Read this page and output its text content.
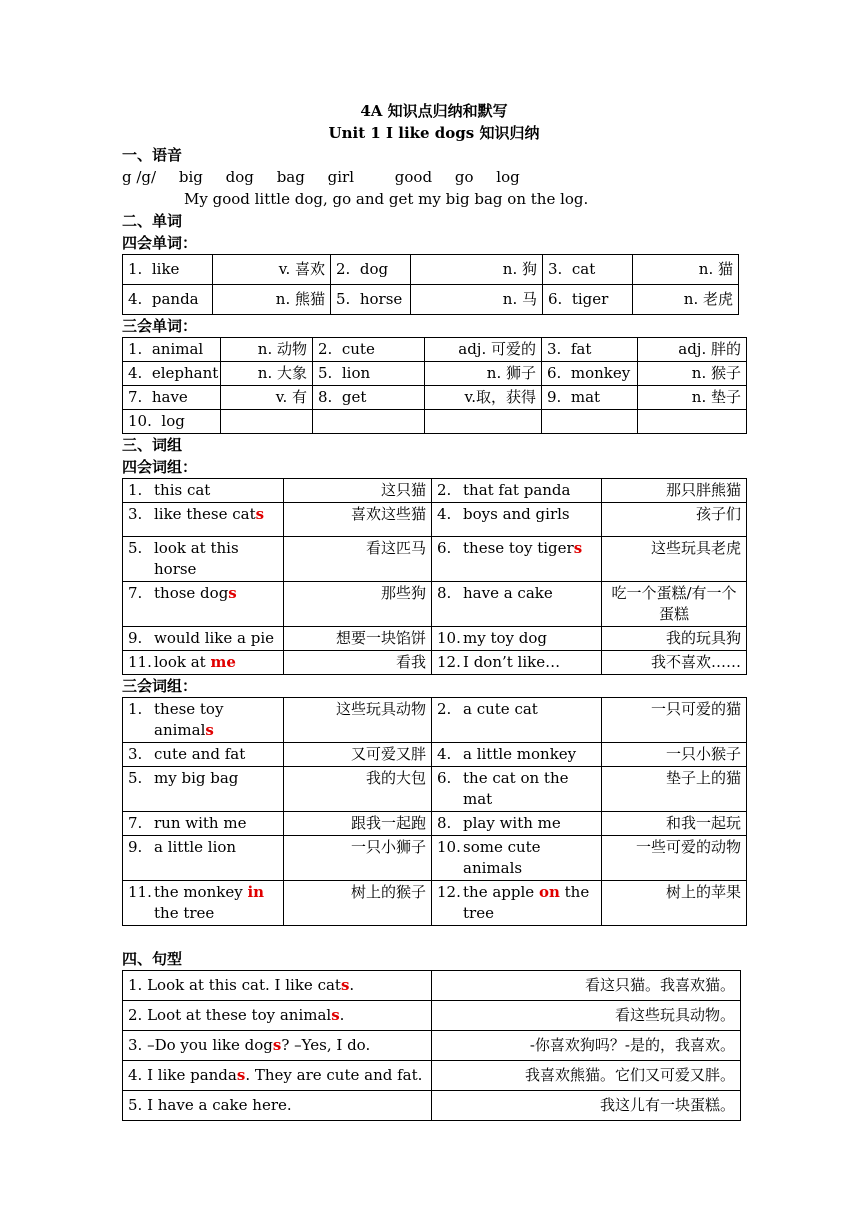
4A 知识点归纳和默写
Unit 1 I like dogs 知识归纳
一、语音
g /g/ big dog bag girl	good go log
My good little dog, go and get my big bag on the log.
二、单词
四会单词：
1. like	v. 喜欢	2. dog	n. 狗	3. cat	n. 猫
4. panda	n. 熊猫	5. horse	n. 马	6. tiger	n. 老虎
三会单词：
1. animal	n. 动物	2. cute	adj. 可爱的	3. fat	adj. 胖的
4. elephant	n. 大象	5. lion	n. 狮子	6. monkey	n. 猴子
7. have	v. 有	8. get	v.取，获得	9. mat	n. 垫子
10. log					
三、词组
四会词组：
1. this cat	这只猫	2. that fat panda	那只胖熊猫

3. like these cats	喜欢这些猫	4. boys and girls	孩子们

5. look at this horse	看这匹马	6. these toy tigers	这些玩具老虎

7. those dogs	那些狗	8. have a cake	吃一个蛋糕/有一个蛋糕

9. would like a pie	想要一块馅饼	10. my toy dog	我的玩具狗

11. look at me	看我	12. I don’t like…	我不喜欢……
三会词组：
1. these toy animals	这些玩具动物	2. a cute cat	一只可爱的猫

3. cute and fat	又可爱又胖	4. a little monkey	一只小猴子

5. my big bag	我的大包	6. the cat on the mat	垫子上的猫

7. run with me	跟我一起跑	8. play with me	和我一起玩

9. a little lion	一只小狮子	10. some cute animals	一些可爱的动物

11. the monkey in the tree	树上的猴子	12. the apple on the tree	树上的苹果
四、句型
1. Look at this cat. I like cats.	看这只猫。我喜欢猫。
2. Loot at these toy animals.	看这些玩具动物。
3. –Do you like dogs? –Yes, I do.	-你喜欢狗吗？-是的，我喜欢。
4. I like pandas. They are cute and fat.	我喜欢熊猫。它们又可爱又胖。
5. I have a cake here.	我这儿有一块蛋糕。
